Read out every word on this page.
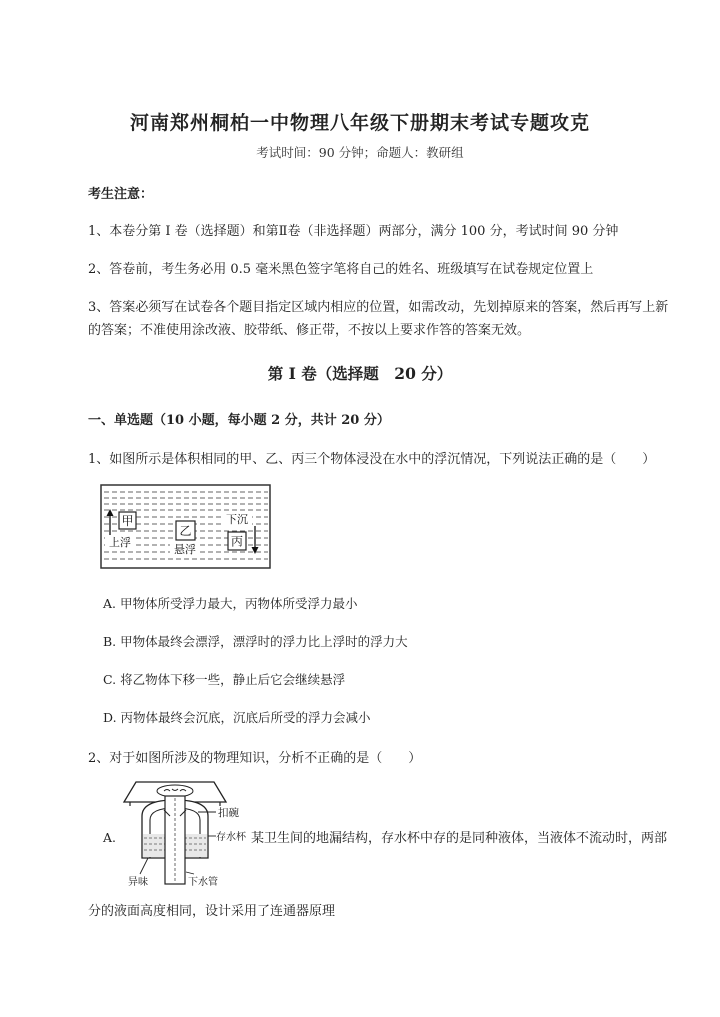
河南郑州桐柏一中物理八年级下册期末考试专题攻克
考试时间：90 分钟；命题人：教研组
考生注意：
1、本卷分第 I 卷（选择题）和第Ⅱ卷（非选择题）两部分，满分 100 分，考试时间 90 分钟
2、答卷前，考生务必用 0.5 毫米黑色签字笔将自己的姓名、班级填写在试卷规定位置上
3、答案必须写在试卷各个题目指定区域内相应的位置，如需改动，先划掉原来的答案，然后再写上新
的答案；不准使用涂改液、胶带纸、修正带，不按以上要求作答的答案无效。
第 I 卷（选择题　20 分）
一、单选题（10 小题，每小题 2 分，共计 20 分）
1、如图所示是体积相同的甲、乙、丙三个物体浸没在水中的浮沉情况，下列说法正确的是（　　）
甲
上浮
乙
悬浮
下沉
丙
A. 甲物体所受浮力最大，丙物体所受浮力最小
B. 甲物体最终会漂浮，漂浮时的浮力比上浮时的浮力大
C. 将乙物体下移一些，静止后它会继续悬浮
D. 丙物体最终会沉底，沉底后所受的浮力会减小
2、对于如图所涉及的物理知识，分析不正确的是（　　）
异味	下水管
扣碗
存水杯
A.	某卫生间的地漏结构，存水杯中存的是同种液体，当液体不流动时，两部
分的液面高度相同，设计采用了连通器原理
